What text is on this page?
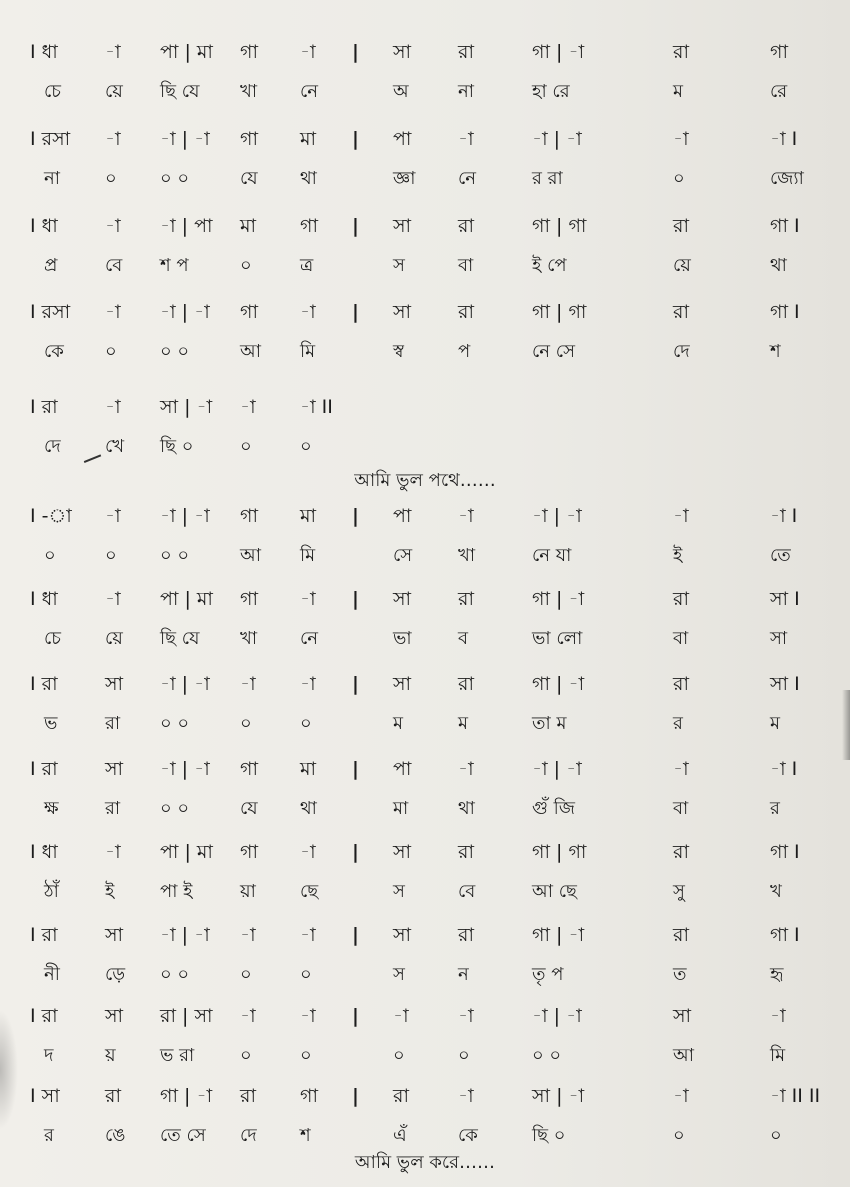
I ধা -া পা | মা গা -া | সা রা	গা | -া	রা	গা
চে য়ে ছি যে খা নে	অ	না	হা রে	ম	রে
I রসা -া -া | -া গা মা | পা -া	-া | -া	-া	-া I
না	০ ০ ০	যে থা	জ্ঞা নে	র রা	০	জ্যো
I ধা -া -া | পা মা গা | সা রা	গা | গা	রা	গা I
প্র	বে শ প	০	ত্র	স	বা	ই পে	য়ে	থা
I রসা -া -া | -া গা -া | সা রা	গা | গা	রা	গা I
কে ০ ০ ০	আ মি	স্ব	প	নে সে	দে	শ
I রা -া সা | -া -া -া II
দে খে ছি ০	০	০
I -া -া -া | -া গা মা | পা -া	-া | -া	-া	-া I
০	০ ০ ০	আ মি	সে	খা	নে যা	ই	তে
I ধা -া পা | মা গা -া | সা রা	গা | -া	রা	সা I
চে য়ে ছি যে খা নে	ভা	ব	ভা লো	বা	সা
I রা সা -া | -া -া -া | সা রা	গা | -া	রা	সা I
ভ	রা ০ ০	০	০	ম	ম	তা ম	র	ম
I রা সা -া | -া গা মা | পা -া	-া | -া	-া	-া I
ক্ষ	রা ০ ০	যে থা	মা	থা	গুঁ জি	বা	র
I ধা -া পা | মা গা -া | সা রা	গা | গা	রা	গা I
ঠাঁ	ই	পা ই	য়া ছে	স	বে	আ ছে	সু	খ
I রা সা -া | -া -া -া | সা রা	গা | -া	রা	গা I
নী	ড়ে ০ ০	০	০	স	ন	তৃ প	ত	হৃ
I রা সা রা | সা -া -া | -া	-া	-া | -া	সা	-া
দ	য় ভ রা	০	০	০	০	০ ০	আ	মি
I সা রা গা | -া রা গা | রা	-া	সা | -া	-া	-া II II
র	ঙে তে সে দে শ	এঁ	কে	ছি ০	০	০
আমি ভুল পথে……
আমি ভুল করে……
